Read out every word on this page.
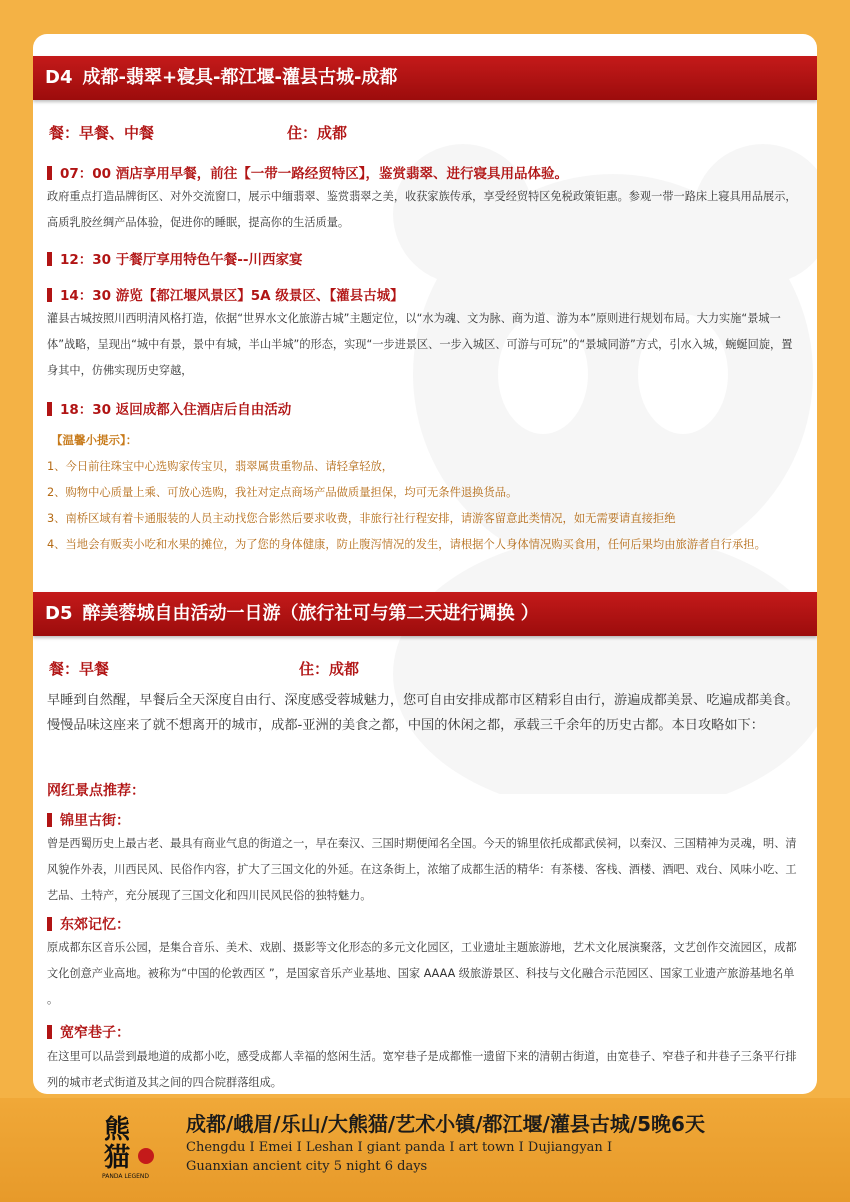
D4 成都-翡翠+寝具-都江堰-灌县古城-成都
餐：早餐、中餐	住：成都
07：00 酒店享用早餐，前往【一带一路经贸特区】，鉴赏翡翠、进行寝具用品体验。
政府重点打造品牌街区、对外交流窗口，展示中缅翡翠、鉴赏翡翠之美，收获家族传承，享受经贸特区免税政策钜惠。参观一带一路床上寝具用品展示，高质乳胶丝绸产品体验，促进你的睡眠，提高你的生活质量。
12：30 于餐厅享用特色午餐--川西家宴
14：30 游览【都江堰风景区】5A 级景区、【灌县古城】
灌县古城按照川西明清风格打造，依据“世界水文化旅游古城”主题定位，以“水为魂、文为脉、商为道、游为本”原则进行规划布局。大力实施“景城一体”战略，呈现出“城中有景，景中有城，半山半城”的形态，实现“一步进景区、一步入城区、可游与可玩”的“景城同游”方式，引水入城，蜿蜒回旋，置身其中，仿佛实现历史穿越，
18：30 返回成都入住酒店后自由活动
【温馨小提示】：
1、今日前往珠宝中心选购家传宝贝，翡翠属贵重物品、请轻拿轻放，
2、购物中心质量上乘、可放心选购，我社对定点商场产品做质量担保，均可无条件退换货品。
3、南桥区域有着卡通服装的人员主动找您合影然后要求收费，非旅行社行程安排，请游客留意此类情况，如无需要请直接拒绝
4、当地会有贩卖小吃和水果的摊位，为了您的身体健康，防止腹泻情况的发生，请根据个人身体情况购买食用，任何后果均由旅游者自行承担。
D5 醉美蓉城自由活动一日游（旅行社可与第二天进行调换 ）
餐：早餐	住：成都
早睡到自然醒，早餐后全天深度自由行、深度感受蓉城魅力，您可自由安排成都市区精彩自由行，游遍成都美景、吃遍成都美食。慢慢品味这座来了就不想离开的城市，成都-亚洲的美食之都，中国的休闲之都，承载三千余年的历史古都。本日攻略如下：
网红景点推荐：
锦里古街：
曾是西蜀历史上最古老、最具有商业气息的街道之一，早在秦汉、三国时期便闻名全国。今天的锦里依托成都武侯祠，以秦汉、三国精神为灵魂，明、清风貌作外表，川西民风、民俗作内容，扩大了三国文化的外延。在这条街上，浓缩了成都生活的精华：有茶楼、客栈、酒楼、酒吧、戏台、风味小吃、工艺品、土特产，充分展现了三国文化和四川民风民俗的独特魅力。
东郊记忆：
原成都东区音乐公园，是集合音乐、美术、戏剧、摄影等文化形态的多元文化园区，工业遗址主题旅游地，艺术文化展演聚落，文艺创作交流园区，成都文化创意产业高地。被称为“中国的伦敦西区 ”，是国家音乐产业基地、国家 AAAA 级旅游景区、科技与文化融合示范园区、国家工业遗产旅游基地名单 。
宽窄巷子：
在这里可以品尝到最地道的成都小吃，感受成都人幸福的悠闲生活。宽窄巷子是成都惟一遗留下来的清朝古街道，由宽巷子、窄巷子和井巷子三条平行排列的城市老式街道及其之间的四合院群落组成。
熊
猫
PANDA LEGEND
成都/峨眉/乐山/大熊猫/艺术小镇/都江堰/灌县古城/5晚6天
Chengdu I Emei I Leshan I giant panda I art town I Dujiangyan I
Guanxian ancient city 5 night 6 days
